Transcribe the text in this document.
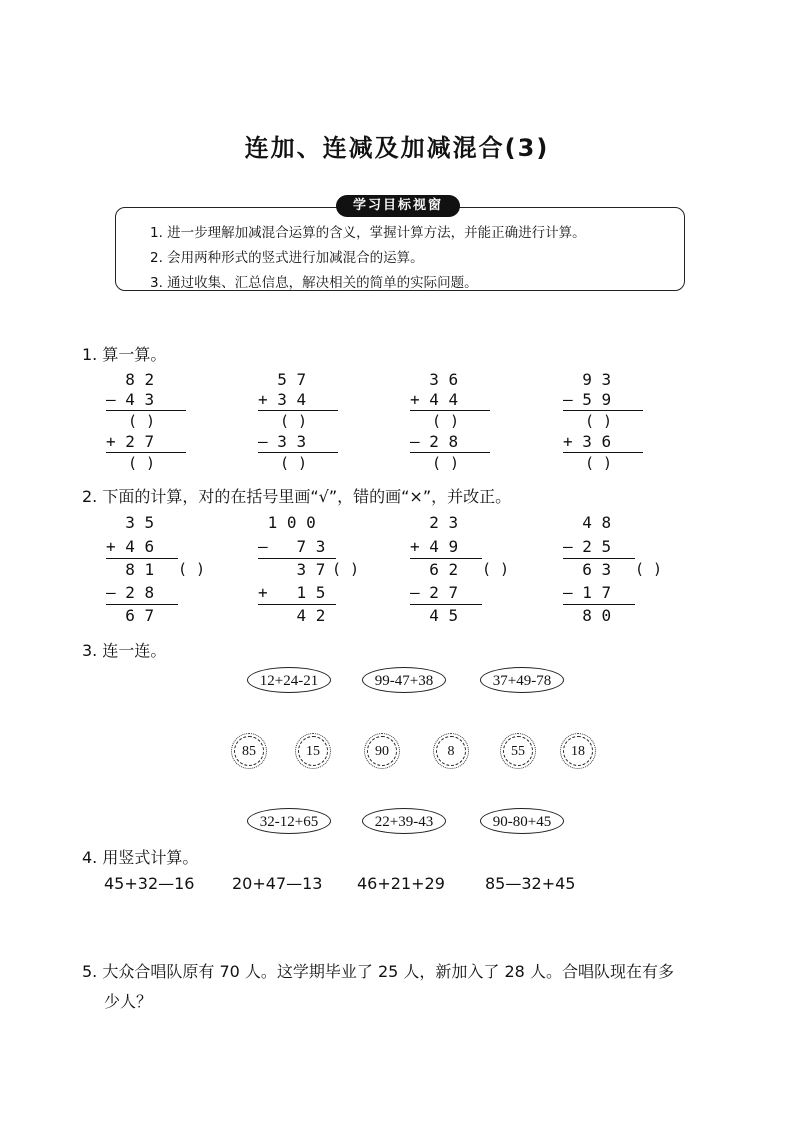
连加、连减及加减混合(3)
学习目标视窗
1. 进一步理解加减混合运算的含义，掌握计算方法，并能正确进行计算。
2. 会用两种形式的竖式进行加减混合的运算。
3. 通过收集、汇总信息，解决相关的简单的实际问题。
1. 算一算。
8 2
— 4 3
( )
+ 2 7
( )
5 7
+ 3 4
( )
— 3 3
( )
3 6
+ 4 4
( )
— 2 8
( )
9 3
— 5 9
( )
+ 3 6
( )
2. 下面的计算，对的在括号里画“√”，错的画“×”，并改正。
3 5
+ 4 6
8 1 ( )
— 2 8
6 7
1 0 0
—   7 3
3 7 ( )
+   1 5
4 2
2 3
+ 4 9
6 2 ( )
— 2 7
4 5
4 8
— 2 5
6 3 ( )
— 1 7
8 0
3. 连一连。
12+24-21	99-47+38	37+49-78
85	15	90	8	55	18
32-12+65	22+39-43	90-80+45
4. 用竖式计算。
45+32—16 20+47—13 46+21+29	85—32+45
5. 大众合唱队原有 70 人。这学期毕业了 25 人，新加入了 28 人。合唱队现在有多
少人？
